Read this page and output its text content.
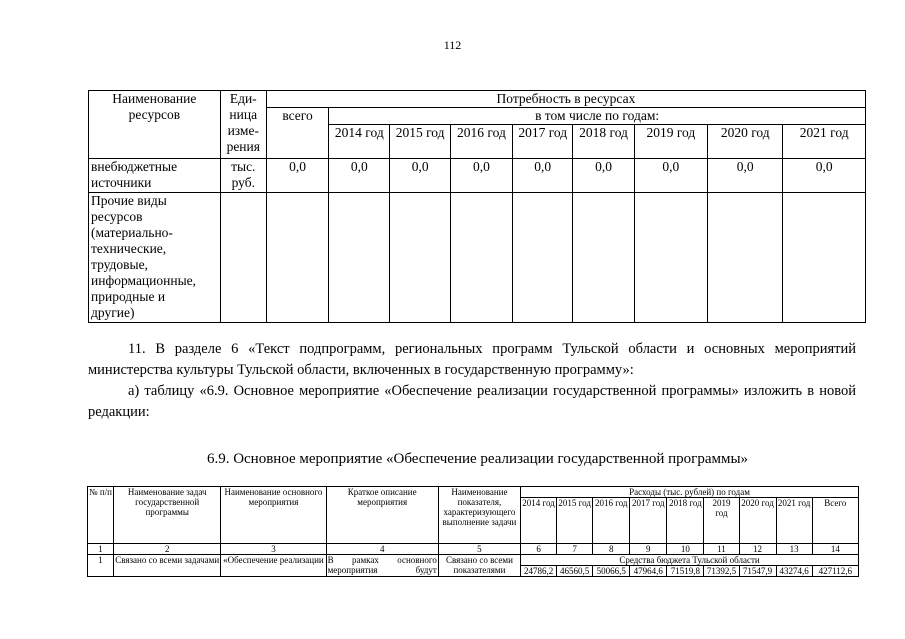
112
Наименование ресурсов	Еди-ница изме-рения	Потребность в ресурсах								
		всего	в том числе по годам:							
			2014 год	2015 год	2016 год	2017 год	2018 год	2019 год	2020 год	2021 год
внебюджетные источники	тыс. руб.	0,0	0,0	0,0	0,0	0,0	0,0	0,0	0,0	0,0

Прочие виды
ресурсов (материально-технические, трудовые, информационные,
природные и
другие)										

11. В разделе 6 «Текст подпрограмм, региональных программ Тульской области и основных мероприятий министерства культуры Тульской области, включенных в государственную программу»:
а) таблицу «6.9. Основное мероприятие «Обеспечение реализации государственной программы» изложить в новой редакции:
6.9. Основное мероприятие «Обеспечение реализации государственной программы»
№ п/п	Наименование задач государственной программы	Наименование основного мероприятия	Краткое описание мероприятия	Наименование показателя, характеризующего выполнение задачи	Расходы (тыс. рублей) по годам								
					2014 год	2015 год	2016 год	2017 год	2018 год	2019 год	2020 год	2021 год	Всего
1	2	3	4	5	6	7	8	9	10	11	12	13	14
1	Связано со всеми задачами	«Обеспечение реализации	В рамках основного мероприятия будут	Связано со всеми показателями	Средства бюджета Тульской области								
					24786,2	46560,5	50066,5	47964,6	71519,8	71392,5	71547,9	43274,6	427112,6
